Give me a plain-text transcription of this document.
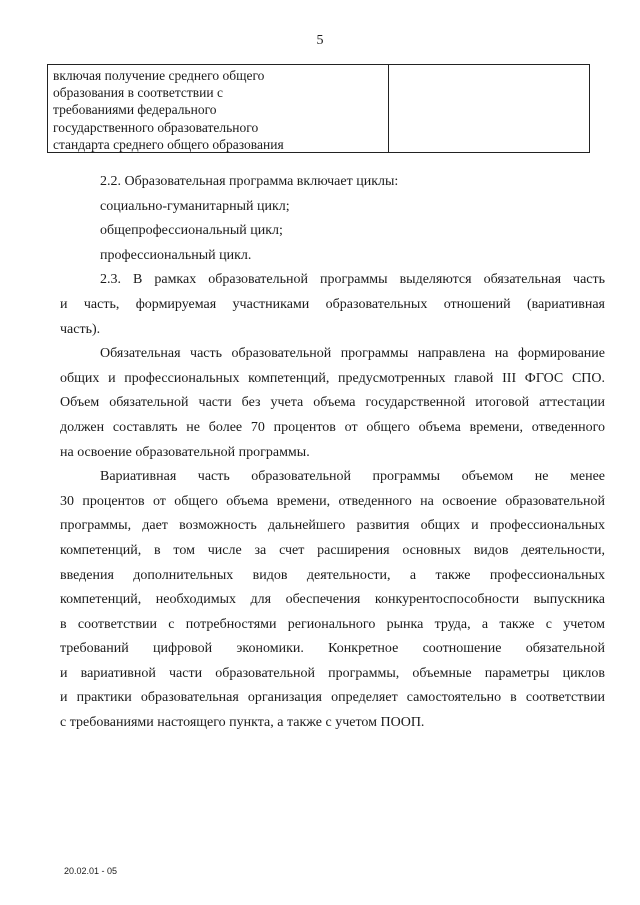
5
включая получение среднего общего
образования в соответствии с
требованиями федерального
государственного образовательного
стандарта среднего общего образования
2.2. Образовательная программа включает циклы:
социально-гуманитарный цикл;
общепрофессиональный цикл;
профессиональный цикл.
2.3. В рамках образовательной программы выделяются обязательная часть
и часть, формируемая участниками образовательных отношений (вариативная
часть).
Обязательная часть образовательной программы направлена на формирование
общих и профессиональных компетенций, предусмотренных главой III ФГОС СПО.
Объем обязательной части без учета объема государственной итоговой аттестации
должен составлять не более 70 процентов от общего объема времени, отведенного
на освоение образовательной программы.
Вариативная часть образовательной программы объемом не менее
30 процентов от общего объема времени, отведенного на освоение образовательной
программы, дает возможность дальнейшего развития общих и профессиональных
компетенций, в том числе за счет расширения основных видов деятельности,
введения дополнительных видов деятельности, а также профессиональных
компетенций, необходимых для обеспечения конкурентоспособности выпускника
в соответствии с потребностями регионального рынка труда, а также с учетом
требований цифровой экономики. Конкретное соотношение обязательной
и вариативной части образовательной программы, объемные параметры циклов
и практики образовательная организация определяет самостоятельно в соответствии
с требованиями настоящего пункта, а также с учетом ПООП.
20.02.01 - 05
